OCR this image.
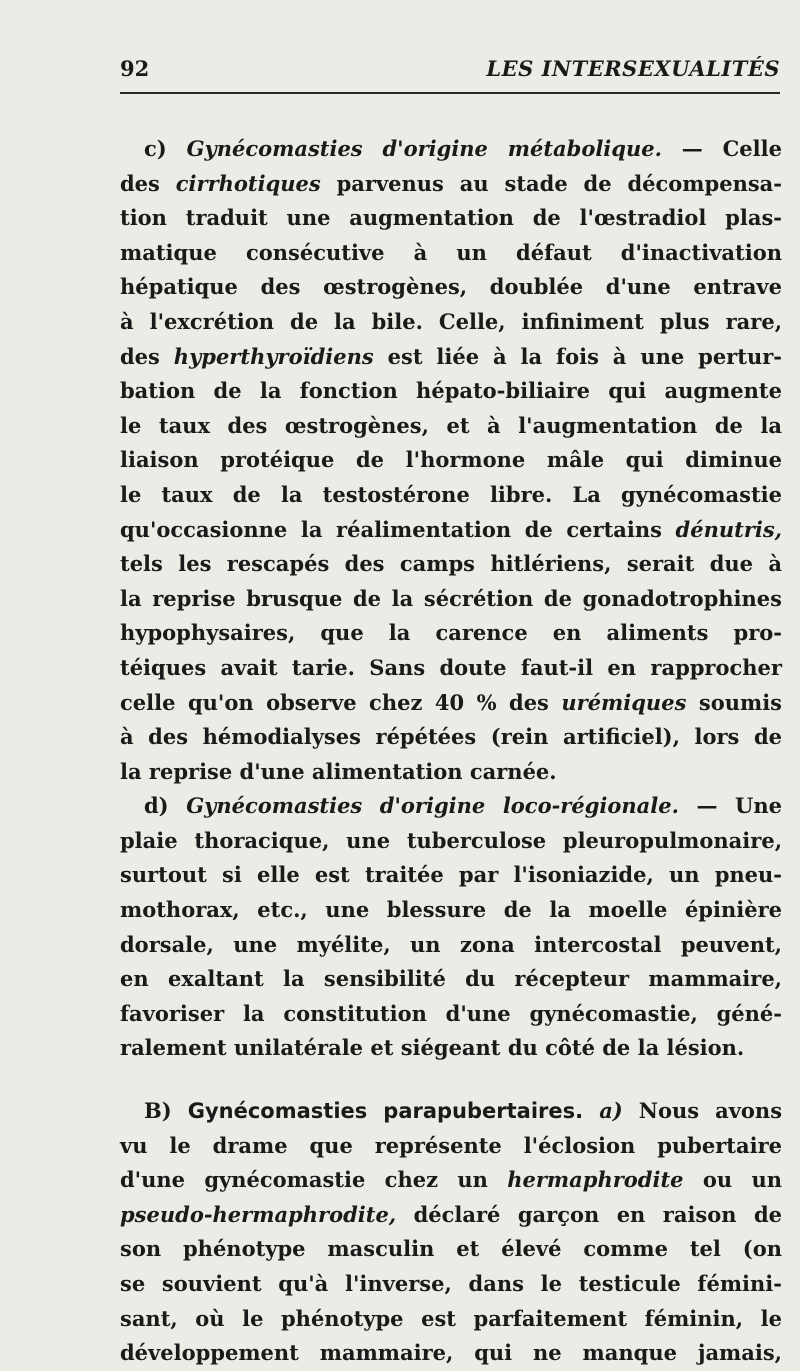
92	LES INTERSEXUALITÉS
c) Gynécomasties d'origine métabolique. — Celle
des cirrhotiques parvenus au stade de décompensa-
tion traduit une augmentation de l'œstradiol plas-
matique consécutive à un défaut d'inactivation
hépatique des œstrogènes, doublée d'une entrave
à l'excrétion de la bile. Celle, infiniment plus rare,
des hyperthyroïdiens est liée à la fois à une pertur-
bation de la fonction hépato-biliaire qui augmente
le taux des œstrogènes, et à l'augmentation de la
liaison protéique de l'hormone mâle qui diminue
le taux de la testostérone libre. La gynécomastie
qu'occasionne la réalimentation de certains dénutris,
tels les rescapés des camps hitlériens, serait due à
la reprise brusque de la sécrétion de gonadotrophines
hypophysaires, que la carence en aliments pro-
téiques avait tarie. Sans doute faut-il en rapprocher
celle qu'on observe chez 40 % des urémiques soumis
à des hémodialyses répétées (rein artificiel), lors de
la reprise d'une alimentation carnée.
d) Gynécomasties d'origine loco-régionale. — Une
plaie thoracique, une tuberculose pleuropulmonaire,
surtout si elle est traitée par l'isoniazide, un pneu-
mothorax, etc., une blessure de la moelle épinière
dorsale, une myélite, un zona intercostal peuvent,
en exaltant la sensibilité du récepteur mammaire,
favoriser la constitution d'une gynécomastie, géné-
ralement unilatérale et siégeant du côté de la lésion.
B) Gynécomasties parapubertaires. a) Nous avons
vu le drame que représente l'éclosion pubertaire
d'une gynécomastie chez un hermaphrodite ou un
pseudo-hermaphrodite, déclaré garçon en raison de
son phénotype masculin et élevé comme tel (on
se souvient qu'à l'inverse, dans le testicule fémini-
sant, où le phénotype est parfaitement féminin, le
développement mammaire, qui ne manque jamais,
